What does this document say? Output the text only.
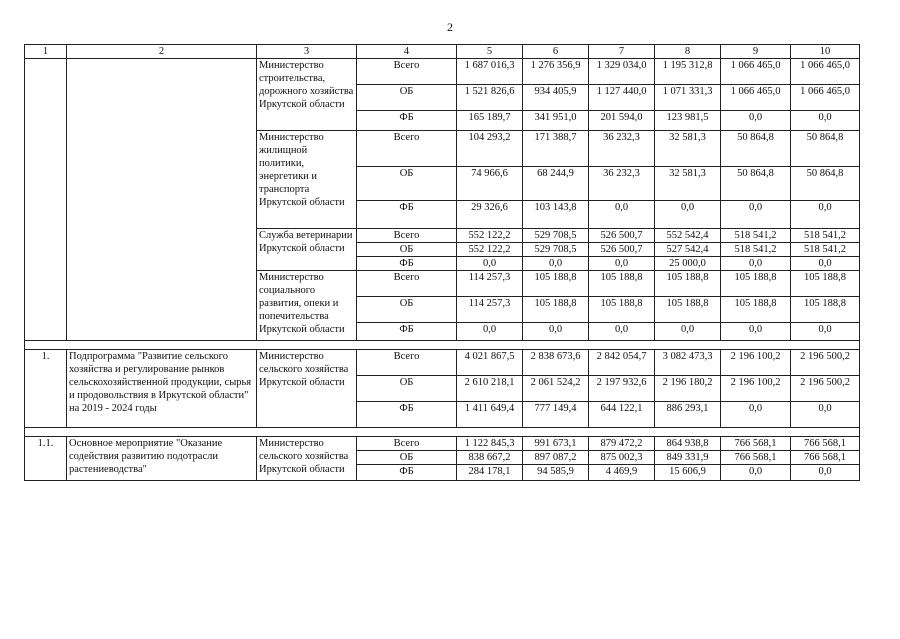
2
1	2	3	4	5	6	7	8	9	10
		Министерство строительства, дорожного хозяйства Иркутской области	Всего	1 687 016,3	1 276 356,9	1 329 034,0	1 195 312,8	1 066 465,0	1 066 465,0
			ОБ	1 521 826,6	934 405,9	1 127 440,0	1 071 331,3	1 066 465,0	1 066 465,0
			ФБ	165 189,7	341 951,0	201 594,0	123 981,5	0,0	0,0
		Министерство жилищной политики, энергетики и транспорта Иркутской области	Всего	104 293,2	171 388,7	36 232,3	32 581,3	50 864,8	50 864,8
			ОБ	74 966,6	68 244,9	36 232,3	32 581,3	50 864,8	50 864,8
			ФБ	29 326,6	103 143,8	0,0	0,0	0,0	0,0
		Служба ветеринарии Иркутской области	Всего	552 122,2	529 708,5	526 500,7	552 542,4	518 541,2	518 541,2
			ОБ	552 122,2	529 708,5	526 500,7	527 542,4	518 541,2	518 541,2
			ФБ	0,0	0,0	0,0	25 000,0	0,0	0,0
		Министерство социального развития, опеки и попечительства Иркутской области	Всего	114 257,3	105 188,8	105 188,8	105 188,8	105 188,8	105 188,8
			ОБ	114 257,3	105 188,8	105 188,8	105 188,8	105 188,8	105 188,8
			ФБ	0,0	0,0	0,0	0,0	0,0	0,0

1.	Подпрограмма "Развитие сельского хозяйства и регулирование рынков сельскохозяйственной продукции, сырья и продовольствия в Иркутской области" на 2019 - 2024 годы	Министерство сельского хозяйства Иркутской области	Всего	4 021 867,5	2 838 673,6	2 842 054,7	3 082 473,3	2 196 100,2	2 196 500,2
			ОБ	2 610 218,1	2 061 524,2	2 197 932,6	2 196 180,2	2 196 100,2	2 196 500,2
			ФБ	1 411 649,4	777 149,4	644 122,1	886 293,1	0,0	0,0

1.1.	Основное мероприятие "Оказание содействия развитию подотрасли растениеводства"	Министерство сельского хозяйства Иркутской области	Всего	1 122 845,3	991 673,1	879 472,2	864 938,8	766 568,1	766 568,1
			ОБ	838 667,2	897 087,2	875 002,3	849 331,9	766 568,1	766 568,1
			ФБ	284 178,1	94 585,9	4 469,9	15 606,9	0,0	0,0
